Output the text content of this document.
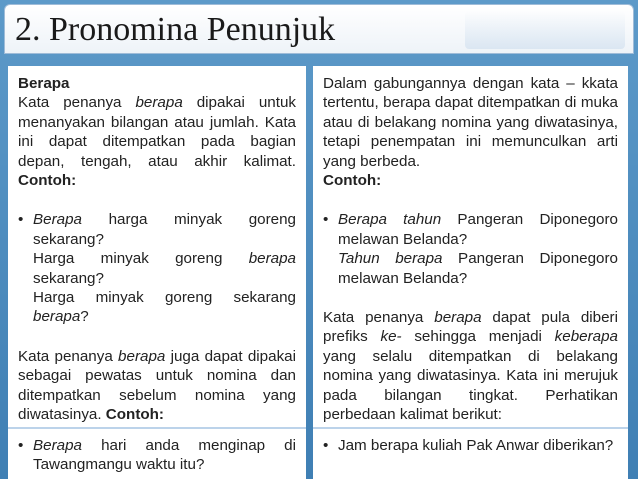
2. Pronomina Penunjuk

Berapa

Kata penanya berapa dipakai untuk menanyakan bilangan atau jumlah. Kata ini dapat ditempatkan pada bagian depan, tengah, atau akhir kalimat. Contoh:

• Berapa harga minyak goreng sekarang?
Harga minyak goreng berapa sekarang?
Harga minyak goreng sekarang berapa?

Kata penanya berapa juga dapat dipakai sebagai pewatas untuk nomina dan ditempatkan sebelum nomina yang diwatasinya. Contoh:

• Berapa hari anda menginap di Tawangmangu waktu itu?

Dalam gabungannya dengan kata – kkata tertentu, berapa dapat ditempatkan di muka atau di belakang nomina yang diwatasinya, tetapi penempatan ini memunculkan arti yang berbeda.

Contoh:

• Berapa tahun Pangeran Diponegoro melawan Belanda?
Tahun berapa Pangeran Diponegoro melawan Belanda?

Kata penanya berapa dapat pula diberi prefiks ke- sehingga menjadi keberapa yang selalu ditempatkan di belakang nomina yang diwatasinya. Kata ini merujuk pada bilangan tingkat. Perhatikan perbedaan kalimat berikut:

• Jam berapa kuliah Pak Anwar diberikan?
